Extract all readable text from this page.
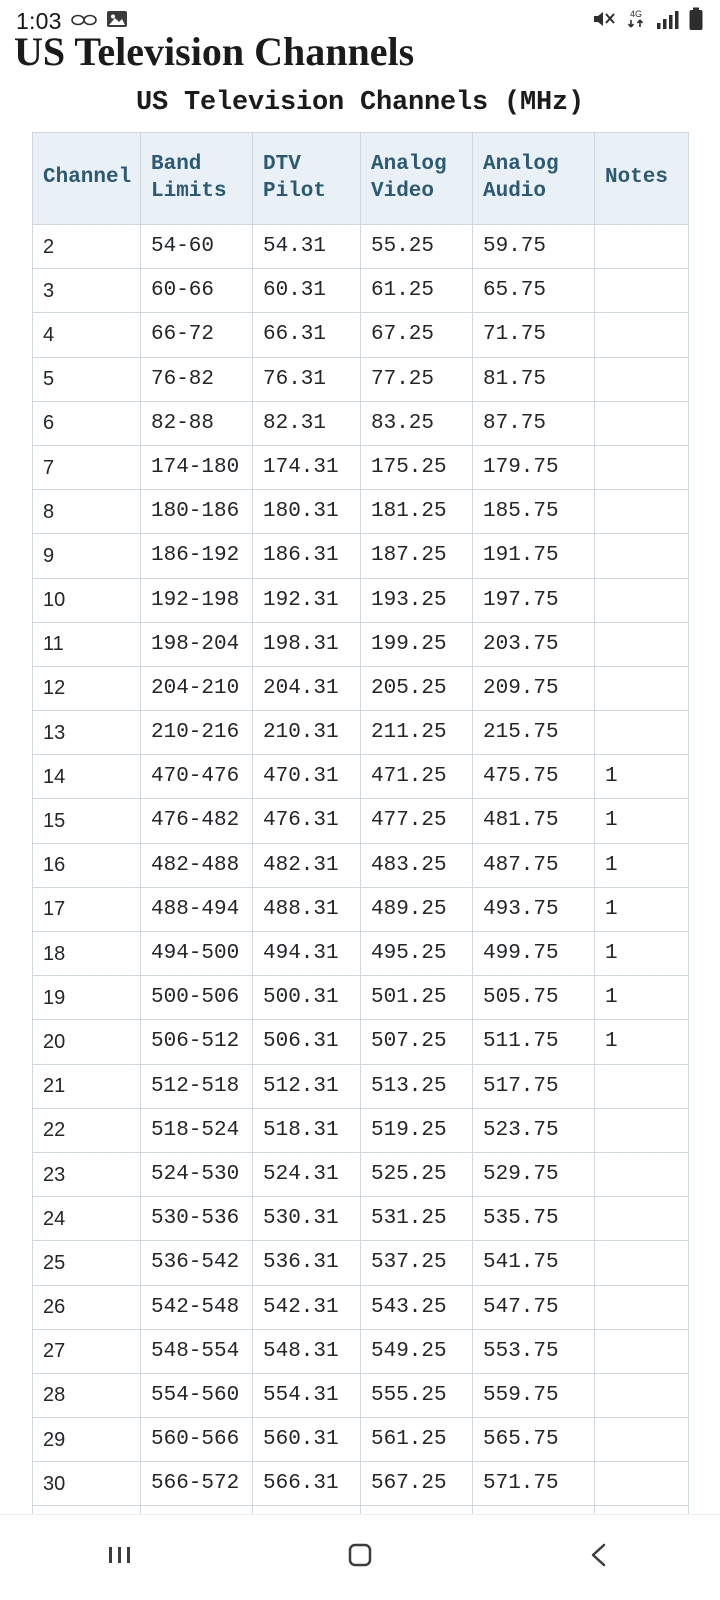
1:03	4G
US Television Channels
US Television Channels (MHz)
Channel	Band Limits	DTV Pilot	Analog Video	Analog Audio	Notes
2	54-60	54.31	55.25	59.75	
3	60-66	60.31	61.25	65.75	
4	66-72	66.31	67.25	71.75	
5	76-82	76.31	77.25	81.75	
6	82-88	82.31	83.25	87.75	
7	174-180	174.31	175.25	179.75	
8	180-186	180.31	181.25	185.75	
9	186-192	186.31	187.25	191.75	
10	192-198	192.31	193.25	197.75	
11	198-204	198.31	199.25	203.75	
12	204-210	204.31	205.25	209.75	
13	210-216	210.31	211.25	215.75	
14	470-476	470.31	471.25	475.75	1
15	476-482	476.31	477.25	481.75	1
16	482-488	482.31	483.25	487.75	1
17	488-494	488.31	489.25	493.75	1
18	494-500	494.31	495.25	499.75	1
19	500-506	500.31	501.25	505.75	1
20	506-512	506.31	507.25	511.75	1
21	512-518	512.31	513.25	517.75	
22	518-524	518.31	519.25	523.75	
23	524-530	524.31	525.25	529.75	
24	530-536	530.31	531.25	535.75	
25	536-542	536.31	537.25	541.75	
26	542-548	542.31	543.25	547.75	
27	548-554	548.31	549.25	553.75	
28	554-560	554.31	555.25	559.75	
29	560-566	560.31	561.25	565.75	
30	566-572	566.31	567.25	571.75	
